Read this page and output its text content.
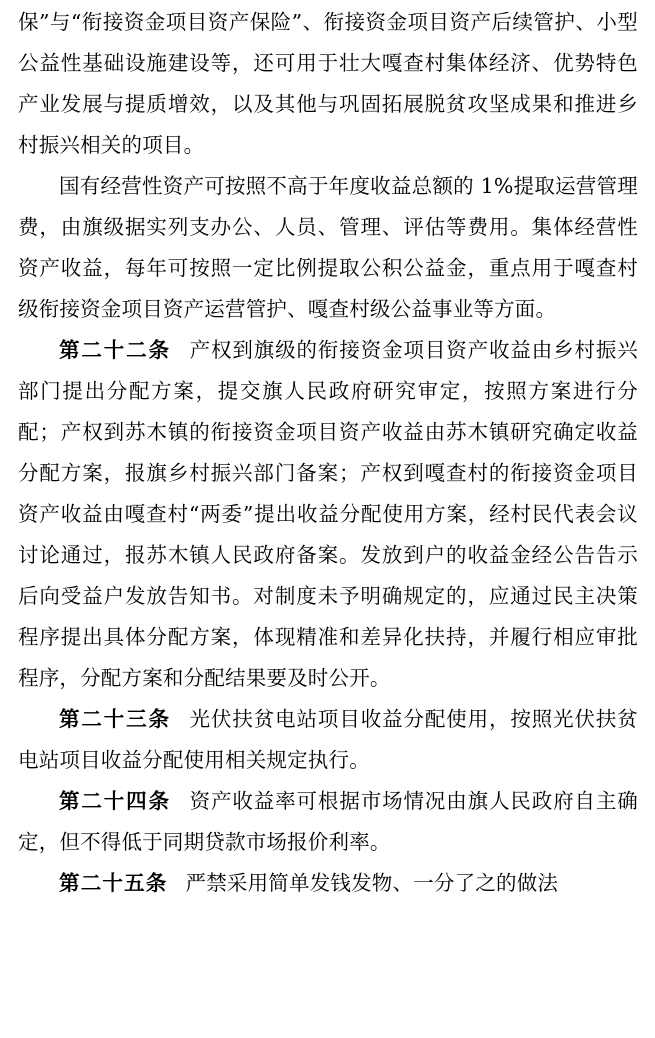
保”与“衔接资金项目资产保险”、衔接资金项目资产后续管护、小型公益性基础设施建设等，还可用于壮大嘎查村集体经济、优势特色产业发展与提质增效，以及其他与巩固拓展脱贫攻坚成果和推进乡村振兴相关的项目。

国有经营性资产可按照不高于年度收益总额的 1%提取运营管理费，由旗级据实列支办公、人员、管理、评估等费用。集体经营性资产收益，每年可按照一定比例提取公积公益金，重点用于嘎查村级衔接资金项目资产运营管护、嘎查村级公益事业等方面。

第二十二条 产权到旗级的衔接资金项目资产收益由乡村振兴部门提出分配方案，提交旗人民政府研究审定，按照方案进行分配；产权到苏木镇的衔接资金项目资产收益由苏木镇研究确定收益分配方案，报旗乡村振兴部门备案；产权到嘎查村的衔接资金项目资产收益由嘎查村“两委”提出收益分配使用方案，经村民代表会议讨论通过，报苏木镇人民政府备案。发放到户的收益金经公告告示后向受益户发放告知书。对制度未予明确规定的，应通过民主决策程序提出具体分配方案，体现精准和差异化扶持，并履行相应审批程序，分配方案和分配结果要及时公开。

第二十三条 光伏扶贫电站项目收益分配使用，按照光伏扶贫电站项目收益分配使用相关规定执行。

第二十四条 资产收益率可根据市场情况由旗人民政府自主确定，但不得低于同期贷款市场报价利率。

第二十五条 严禁采用简单发钱发物、一分了之的做法
